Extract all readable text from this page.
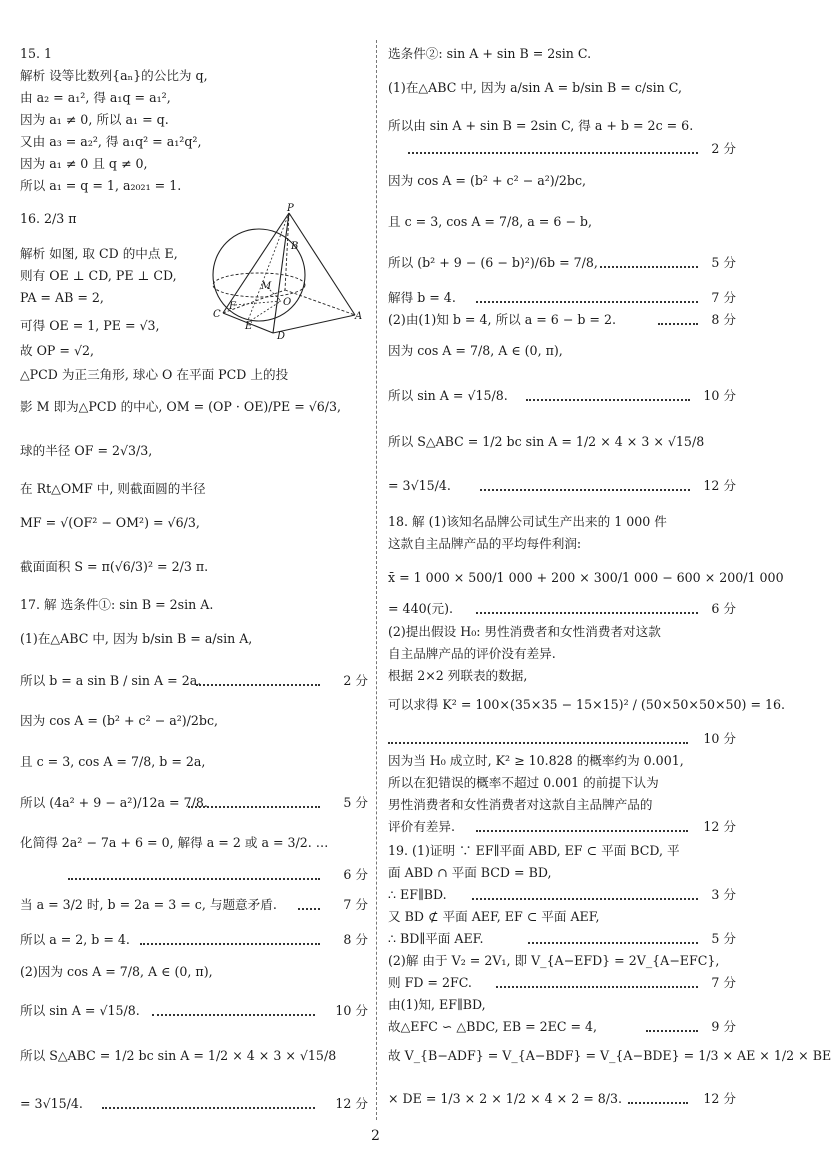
15. 1
解析 设等比数列{aₙ}的公比为 q,
由 a₂ = a₁², 得 a₁q = a₁²,
因为 a₁ ≠ 0, 所以 a₁ = q.
又由 a₃ = a₂², 得 a₁q² = a₁²q²,
因为 a₁ ≠ 0 且 q ≠ 0,
所以 a₁ = q = 1, a₂₀₂₁ = 1.
16. 2/3 π
解析 如图, 取 CD 的中点 E,
则有 OE ⊥ CD, PE ⊥ CD,
PA = AB = 2,
可得 OE = 1, PE = √3,
故 OP = √2,
△PCD 为正三角形, 球心 O 在平面 PCD 上的投
影 M 即为△PCD 的中心, OM = (OP · OE)/PE = √6/3,
球的半径 OF = 2√3/3,
在 Rt△OMF 中, 则截面圆的半径
MF = √(OF² − OM²) = √6/3,
截面面积 S = π(√6/3)² = 2/3 π.
17. 解 选条件①: sin B = 2sin A.
(1)在△ABC 中, 因为 b/sin B = a/sin A,
所以 b = a sin B / sin A = 2a.	2 分
因为 cos A = (b² + c² − a²)/2bc,
且 c = 3, cos A = 7/8, b = 2a,
所以 (4a² + 9 − a²)/12a = 7/8.	5 分
化简得 2a² − 7a + 6 = 0, 解得 a = 2 或 a = 3/2. …
6 分
当 a = 3/2 时, b = 2a = 3 = c, 与题意矛盾.	7 分
所以 a = 2, b = 4.	8 分
(2)因为 cos A = 7/8, A ∈ (0, π),
所以 sin A = √15/8.	10 分
所以 S△ABC = 1/2 bc sin A = 1/2 × 4 × 3 × √15/8
= 3√15/4.	12 分
选条件②: sin A + sin B = 2sin C.
(1)在△ABC 中, 因为 a/sin A = b/sin B = c/sin C,
所以由 sin A + sin B = 2sin C, 得 a + b = 2c = 6.
2 分
因为 cos A = (b² + c² − a²)/2bc,
且 c = 3, cos A = 7/8, a = 6 − b,
所以 (b² + 9 − (6 − b)²)/6b = 7/8,	5 分
解得 b = 4.	7 分
(2)由(1)知 b = 4, 所以 a = 6 − b = 2.	8 分
因为 cos A = 7/8, A ∈ (0, π),
所以 sin A = √15/8.	10 分
所以 S△ABC = 1/2 bc sin A = 1/2 × 4 × 3 × √15/8
= 3√15/4.	12 分
18. 解 (1)该知名品牌公司试生产出来的 1 000 件
这款自主品牌产品的平均每件利润:
x̄ = 1 000 × 500/1 000 + 200 × 300/1 000 − 600 × 200/1 000
= 440(元).	6 分
(2)提出假设 H₀: 男性消费者和女性消费者对这款
自主品牌产品的评价没有差异.
根据 2×2 列联表的数据,
可以求得 K² = 100×(35×35 − 15×15)² / (50×50×50×50) = 16.
10 分
因为当 H₀ 成立时, K² ≥ 10.828 的概率约为 0.001,
所以在犯错误的概率不超过 0.001 的前提下认为
男性消费者和女性消费者对这款自主品牌产品的
评价有差异.	12 分
19. (1)证明 ∵ EF∥平面 ABD, EF ⊂ 平面 BCD, 平
面 ABD ∩ 平面 BCD = BD,
∴ EF∥BD.	3 分
又 BD ⊄ 平面 AEF, EF ⊂ 平面 AEF,
∴ BD∥平面 AEF.	5 分
(2)解 由于 V₂ = 2V₁, 即 V_{A−EFD} = 2V_{A−EFC},
则 FD = 2FC.	7 分
由(1)知, EF∥BD,
故△EFC ∽ △BDC, EB = 2EC = 4,	9 分
故 V_{B−ADF} = V_{A−BDF} = V_{A−BDE} = 1/3 × AE × 1/2 × BE
× DE = 1/3 × 2 × 1/2 × 4 × 2 = 8/3.	12 分
P
B
M
F	O
E
C
D
A
2
